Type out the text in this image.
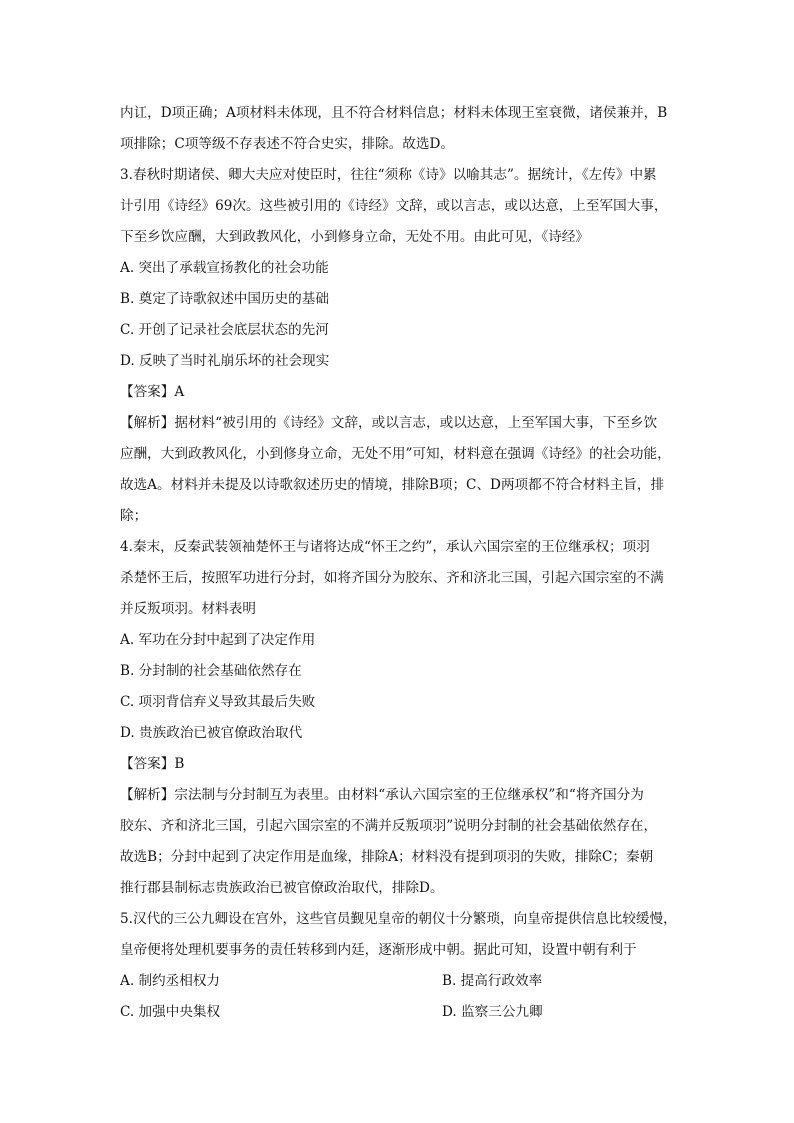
内讧，D项正确；A项材料未体现，且不符合材料信息；材料未体现王室衰微，诸侯兼并，B
项排除；C项等级不存表述不符合史实，排除。故选D。
3.春秋时期诸侯、卿大夫应对使臣时，往往“须称《诗》以喻其志”。据统计，《左传》中累
计引用《诗经》69次。这些被引用的《诗经》文辞，或以言志，或以达意，上至军国大事，
下至乡饮应酬，大到政教风化，小到修身立命，无处不用。由此可见，《诗经》
A. 突出了承载宣扬教化的社会功能
B. 奠定了诗歌叙述中国历史的基础
C. 开创了记录社会底层状态的先河
D. 反映了当时礼崩乐坏的社会现实
【答案】A
【解析】据材料“被引用的《诗经》文辞，或以言志，或以达意，上至军国大事，下至乡饮
应酬，大到政教风化，小到修身立命，无处不用”可知，材料意在强调《诗经》的社会功能，
故选A。材料并未提及以诗歌叙述历史的情境，排除B项；C、D两项都不符合材料主旨，排
除；
4.秦末，反秦武装领袖楚怀王与诸将达成“怀王之约”，承认六国宗室的王位继承权；项羽
杀楚怀王后，按照军功进行分封，如将齐国分为胶东、齐和济北三国，引起六国宗室的不满
并反叛项羽。材料表明
A. 军功在分封中起到了决定作用
B. 分封制的社会基础依然存在
C. 项羽背信弃义导致其最后失败
D. 贵族政治已被官僚政治取代
【答案】B
【解析】宗法制与分封制互为表里。由材料“承认六国宗室的王位继承权”和“将齐国分为
胶东、齐和济北三国，引起六国宗室的不满并反叛项羽”说明分封制的社会基础依然存在，
故选B；分封中起到了决定作用是血缘，排除A；材料没有提到项羽的失败，排除C；秦朝
推行郡县制标志贵族政治已被官僚政治取代，排除D。
5.汉代的三公九卿设在宫外，这些官员觐见皇帝的朝仪十分繁琐，向皇帝提供信息比较缓慢，
皇帝便将处理机要事务的责任转移到内廷，逐渐形成中朝。据此可知，设置中朝有利于
A. 制约丞相权力	B. 提高行政效率
C. 加强中央集权	D. 监察三公九卿
